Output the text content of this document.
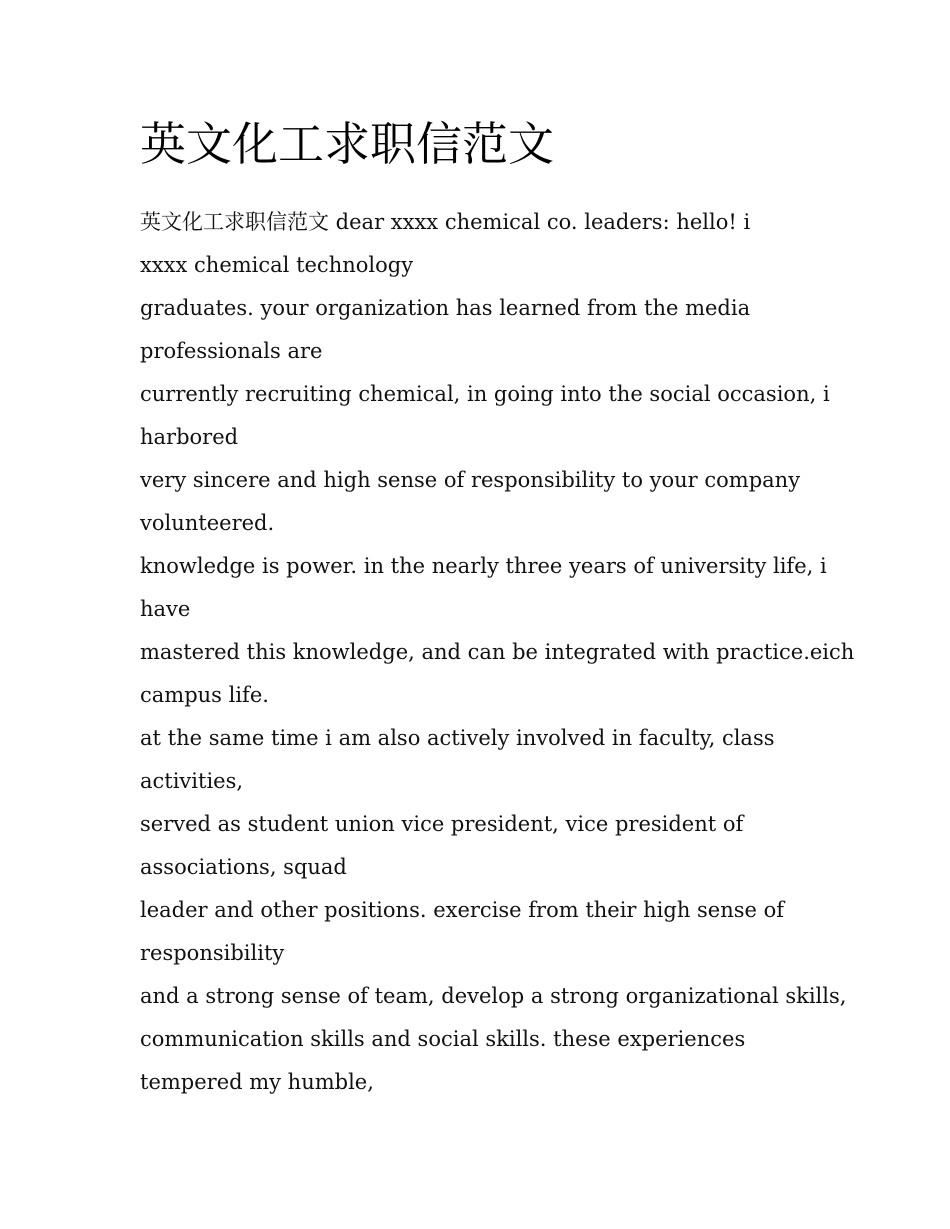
英文化工求职信范文

英文化工求职信范文 dear xxxx chemical co. leaders: hello! i

xxxx chemical technology

graduates. your organization has learned from the media

professionals are

currently recruiting chemical, in going into the social occasion, i

harbored

very sincere and high sense of responsibility to your company

volunteered.

knowledge is power. in the nearly three years of university life, i

have

mastered this knowledge, and can be integrated with practice.eich

campus life.

at the same time i am also actively involved in faculty, class

activities,

served as student union vice president, vice president of

associations, squad

leader and other positions. exercise from their high sense of

responsibility

and a strong sense of team, develop a strong organizational skills,

communication skills and social skills. these experiences

tempered my humble,
